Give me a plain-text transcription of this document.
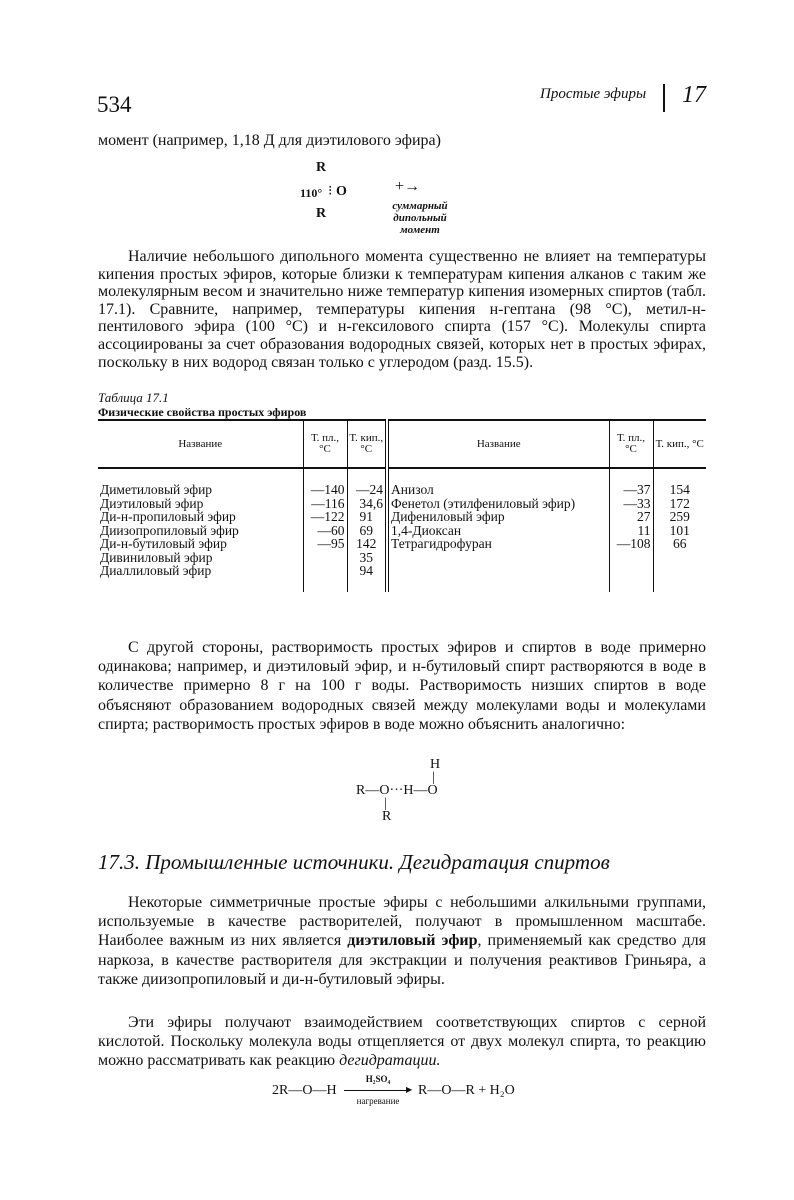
534	Простые эфиры 17
момент (например, 1,18 Д для диэтилового эфира)
R
110° ⁝ O
R
+→
суммарный
дипольный
момент
Наличие небольшого дипольного момента существенно не влияет на температуры кипения простых эфиров, которые близки к температурам кипения алканов с таким же молекулярным весом и значительно ниже температур кипения изомерных спиртов (табл. 17.1). Сравните, например, температуры кипения н-гептана (98 °С), метил-н-пентилового эфира (100 °С) и н-гексилового спирта (157 °С). Молекулы спирта ассоциированы за счет образования водородных связей, которых нет в простых эфирах, поскольку в них водород связан только с углеродом (разд. 15.5).
Таблица 17.1
Физические свойства простых эфиров
Название	Т. пл., °С	Т. кип., °С	Название	Т. пл., °С	Т. кип., °С

Диметиловый эфир	—140	—24	Анизол	—37	154
Диэтиловый эфир	—116	34,6	Фенетол (этилфениловый эфир)	—33	172
Ди-н-пропиловый эфир	—122	91	Дифениловый эфир	27	259
Диизопропиловый эфир	—60	69	1,4-Диоксан	11	101
Ди-н-бутиловый эфир	—95	142	Тетрагидрофуран	—108	66
Дивиниловый эфир		35			
Диаллиловый эфир		94			

С другой стороны, растворимость простых эфиров и спиртов в воде примерно одинакова; например, и диэтиловый эфир, и н-бутиловый спирт растворяются в воде в количестве примерно 8 г на 100 г воды. Растворимость низших спиртов в воде объясняют образованием водородных связей между молекулами воды и молекулами спирта; растворимость простых эфиров в воде можно объяснить аналогично:
H
|
R—O···H—O
|
R
17.3. Промышленные источники. Дегидратация спиртов
Некоторые симметричные простые эфиры с небольшими алкильными группами, используемые в качестве растворителей, получают в промышленном масштабе. Наиболее важным из них является диэтиловый эфир, применяемый как средство для наркоза, в качестве растворителя для экстракции и получения реактивов Гриньяра, а также диизопропиловый и ди-н-бутиловый эфиры.
Эти эфиры получают взаимодействием соответствующих спиртов с серной кислотой. Поскольку молекула воды отщепляется от двух молекул спирта, то реакцию можно рассматривать как реакцию дегидратации.
2R—O—H
H₂SO₄
▶
нагревание
R—O—R + H₂O
